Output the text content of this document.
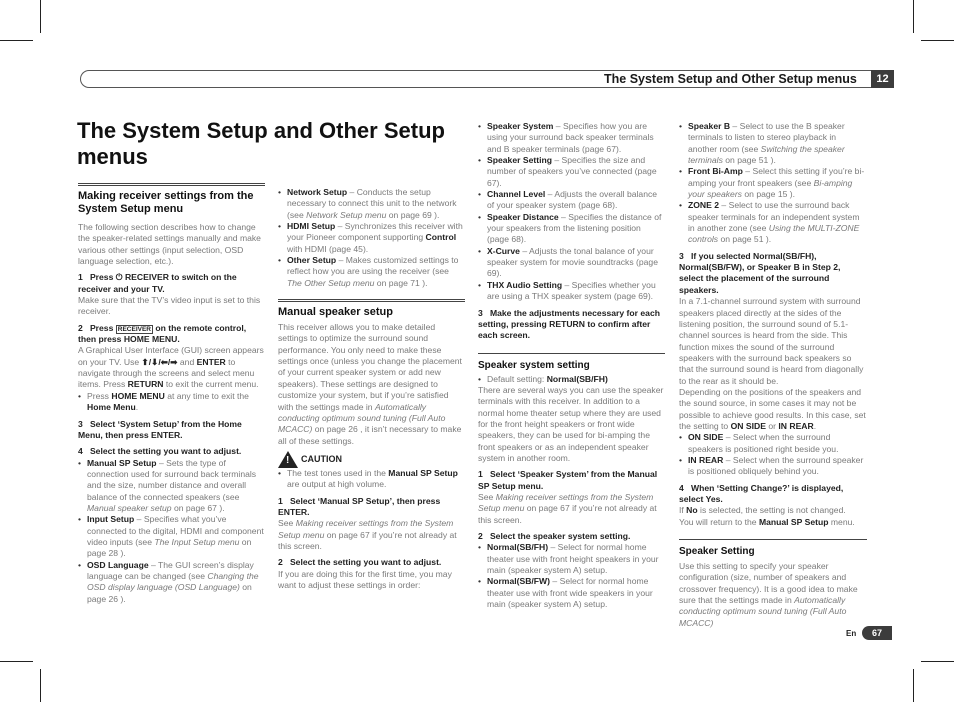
The System Setup and Other Setup menus	12
The System Setup and Other Setup menus

Making receiver settings from the System Setup menu

The following section describes how to change the speaker-related settings manually and make various other settings (input selection, OSD language selection, etc.).

1 Press ⏻ RECEIVER to switch on the receiver and your TV.

Make sure that the TV’s video input is set to this receiver.

2 Press RECEIVER on the remote control, then press HOME MENU.

A Graphical User Interface (GUI) screen appears on your TV. Use ⬆/⬇/⬅/➡ and ENTER to navigate through the screens and select menu items. Press RETURN to exit the current menu.

• Press HOME MENU at any time to exit the Home Menu.

3 Select ‘System Setup’ from the Home Menu, then press ENTER.

4 Select the setting you want to adjust.

• Manual SP Setup – Sets the type of connection used for surround back terminals and the size, number distance and overall balance of the connected speakers (see Manual speaker setup on page 67 ).

• Input Setup – Specifies what you’ve connected to the digital, HDMI and component video inputs (see The Input Setup menu on page 28 ).

• OSD Language – The GUI screen’s display language can be changed (see Changing the OSD display language (OSD Language) on page 26 ).

• Network Setup – Conducts the setup necessary to connect this unit to the network (see Network Setup menu on page 69 ).

• HDMI Setup – Synchronizes this receiver with your Pioneer component supporting Control with HDMI (page 45).

• Other Setup – Makes customized settings to reflect how you are using the receiver (see The Other Setup menu on page 71 ).

Manual speaker setup

This receiver allows you to make detailed settings to optimize the surround sound performance. You only need to make these settings once (unless you change the placement of your current speaker system or add new speakers). These settings are designed to customize your system, but if you’re satisfied with the settings made in Automatically conducting optimum sound tuning (Full Auto MCACC) on page 26 , it isn’t necessary to make all of these settings.

!
CAUTION

• The test tones used in the Manual SP Setup are output at high volume.

1 Select ‘Manual SP Setup’, then press ENTER.

See Making receiver settings from the System Setup menu on page 67 if you’re not already at this screen.

2 Select the setting you want to adjust.

If you are doing this for the first time, you may want to adjust these settings in order:

• Speaker System – Specifies how you are using your surround back speaker terminals and B speaker terminals (page 67).

• Speaker Setting – Specifies the size and number of speakers you’ve connected (page 67).

• Channel Level – Adjusts the overall balance of your speaker system (page 68).

• Speaker Distance – Specifies the distance of your speakers from the listening position (page 68).

• X-Curve – Adjusts the tonal balance of your speaker system for movie soundtracks (page 69).

• THX Audio Setting – Specifies whether you are using a THX speaker system (page 69).

3 Make the adjustments necessary for each setting, pressing RETURN to confirm after each screen.

Speaker system setting

• Default setting: Normal(SB/FH)

There are several ways you can use the speaker terminals with this receiver. In addition to a normal home theater setup where they are used for the front height speakers or front wide speakers, they can be used for bi-amping the front speakers or as an independent speaker system in another room.

1 Select ‘Speaker System’ from the Manual SP Setup menu.

See Making receiver settings from the System Setup menu on page 67 if you’re not already at this screen.

2 Select the speaker system setting.

• Normal(SB/FH) – Select for normal home theater use with front height speakers in your main (speaker system A) setup.

• Normal(SB/FW) – Select for normal home theater use with front wide speakers in your main (speaker system A) setup.

• Speaker B – Select to use the B speaker terminals to listen to stereo playback in another room (see Switching the speaker terminals on page 51 ).

• Front Bi-Amp – Select this setting if you’re bi-amping your front speakers (see Bi-amping your speakers on page 15 ).

• ZONE 2 – Select to use the surround back speaker terminals for an independent system in another zone (see Using the MULTI-ZONE controls on page 51 ).

3 If you selected Normal(SB/FH), Normal(SB/FW), or Speaker B in Step 2, select the placement of the surround speakers.

In a 7.1-channel surround system with surround speakers placed directly at the sides of the listening position, the surround sound of 5.1-channel sources is heard from the side. This function mixes the sound of the surround speakers with the surround back speakers so that the surround sound is heard from diagonally to the rear as it should be.

Depending on the positions of the speakers and the sound source, in some cases it may not be possible to achieve good results. In this case, set the setting to ON SIDE or IN REAR.

• ON SIDE – Select when the surround speakers is positioned right beside you.

• IN REAR – Select when the surround speaker is positioned obliquely behind you.

4 When ‘Setting Change?’ is displayed, select Yes.

If No is selected, the setting is not changed.
You will return to the Manual SP Setup menu.

Speaker Setting

Use this setting to specify your speaker configuration (size, number of speakers and crossover frequency). It is a good idea to make sure that the settings made in Automatically conducting optimum sound tuning (Full Auto MCACC)

En	67
